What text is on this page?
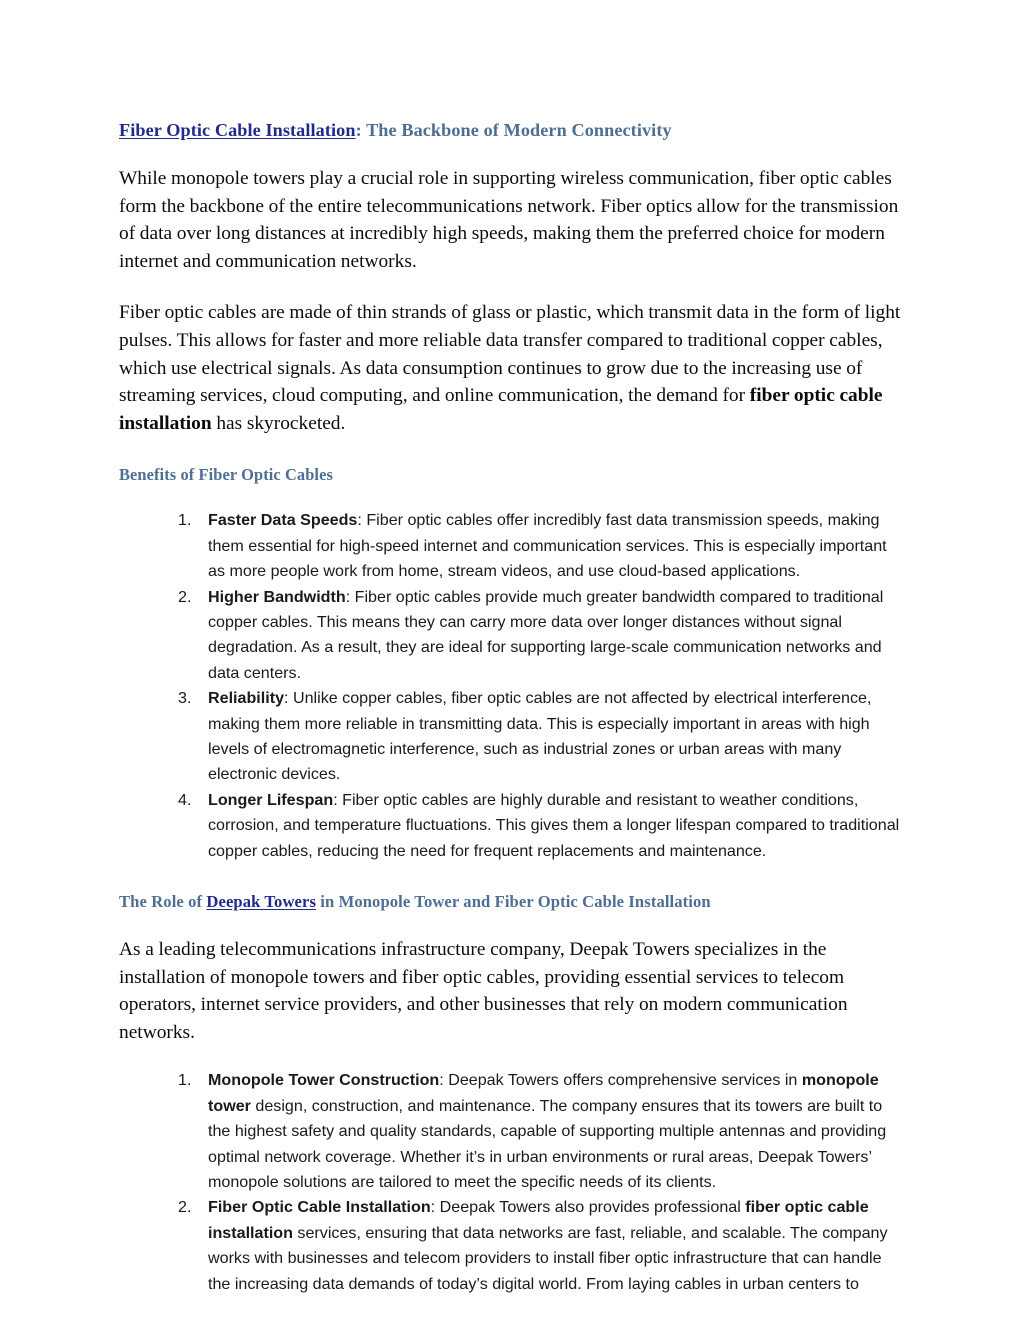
Fiber Optic Cable Installation: The Backbone of Modern Connectivity

While monopole towers play a crucial role in supporting wireless communication, fiber optic cables form the backbone of the entire telecommunications network. Fiber optics allow for the transmission of data over long distances at incredibly high speeds, making them the preferred choice for modern internet and communication networks.

Fiber optic cables are made of thin strands of glass or plastic, which transmit data in the form of light pulses. This allows for faster and more reliable data transfer compared to traditional copper cables, which use electrical signals. As data consumption continues to grow due to the increasing use of streaming services, cloud computing, and online communication, the demand for fiber optic cable installation has skyrocketed.

Benefits of Fiber Optic Cables
Faster Data Speeds: Fiber optic cables offer incredibly fast data transmission speeds, making them essential for high-speed internet and communication services. This is especially important as more people work from home, stream videos, and use cloud-based applications.
Higher Bandwidth: Fiber optic cables provide much greater bandwidth compared to traditional copper cables. This means they can carry more data over longer distances without signal degradation. As a result, they are ideal for supporting large-scale communication networks and data centers.
Reliability: Unlike copper cables, fiber optic cables are not affected by electrical interference, making them more reliable in transmitting data. This is especially important in areas with high levels of electromagnetic interference, such as industrial zones or urban areas with many electronic devices.
Longer Lifespan: Fiber optic cables are highly durable and resistant to weather conditions, corrosion, and temperature fluctuations. This gives them a longer lifespan compared to traditional copper cables, reducing the need for frequent replacements and maintenance.
The Role of Deepak Towers in Monopole Tower and Fiber Optic Cable Installation

As a leading telecommunications infrastructure company, Deepak Towers specializes in the installation of monopole towers and fiber optic cables, providing essential services to telecom operators, internet service providers, and other businesses that rely on modern communication networks.

Monopole Tower Construction: Deepak Towers offers comprehensive services in monopole tower design, construction, and maintenance. The company ensures that its towers are built to the highest safety and quality standards, capable of supporting multiple antennas and providing optimal network coverage. Whether it’s in urban environments or rural areas, Deepak Towers’ monopole solutions are tailored to meet the specific needs of its clients.
Fiber Optic Cable Installation: Deepak Towers also provides professional fiber optic cable installation services, ensuring that data networks are fast, reliable, and scalable. The company works with businesses and telecom providers to install fiber optic infrastructure that can handle the increasing data demands of today’s digital world. From laying cables in urban centers to
